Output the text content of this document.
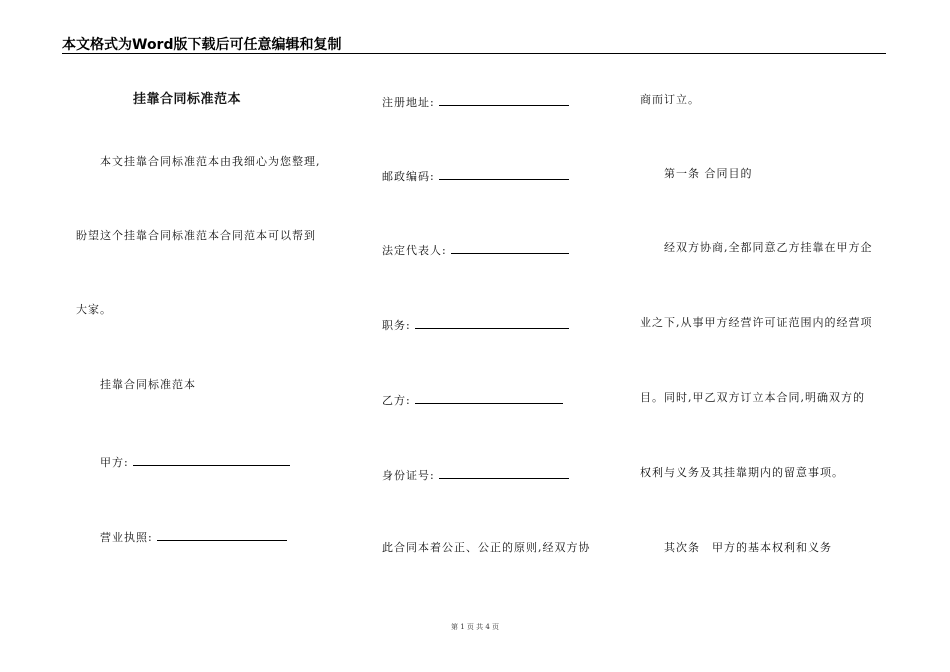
本文格式为Word版下载后可任意编辑和复制
挂靠合同标准范本
本文挂靠合同标准范本由我细心为您整理,
盼望这个挂靠合同标准范本合同范本可以帮到
大家。
挂靠合同标准范本
甲方:
营业执照:
注册地址:
邮政编码:
法定代表人:
职务:
乙方:
身份证号:
此合同本着公正、公正的原则,经双方协
商而订立。
第一条 合同目的
经双方协商,全都同意乙方挂靠在甲方企
业之下,从事甲方经营许可证范围内的经营项
目。同时,甲乙双方订立本合同,明确双方的
权利与义务及其挂靠期内的留意事项。
其次条　甲方的基本权利和义务
第 1 页 共 4 页
